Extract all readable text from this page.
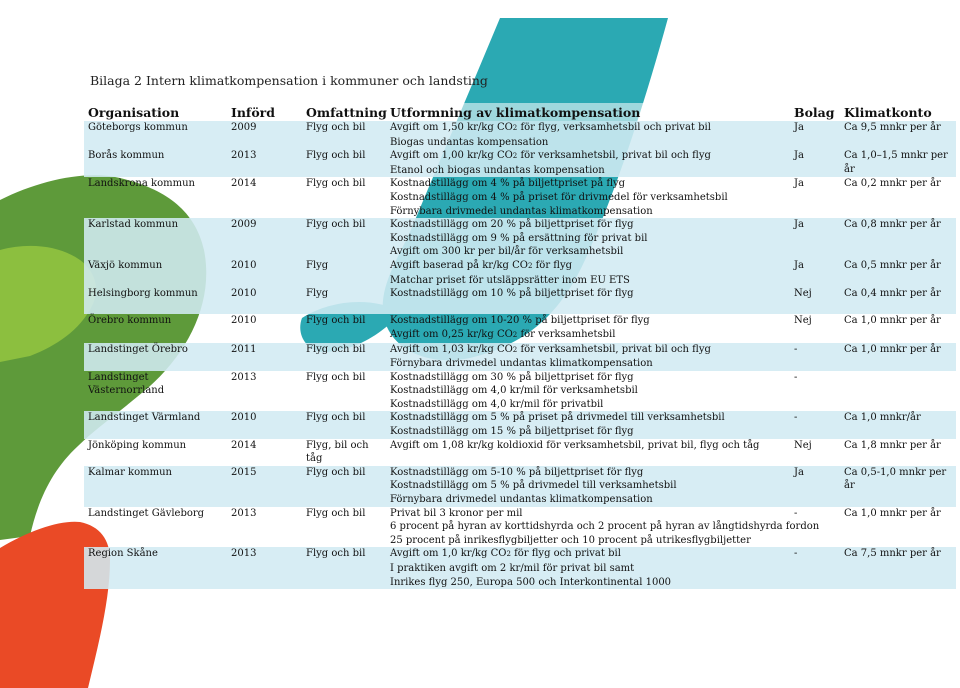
Bilaga 2 Intern klimatkompensation i kommuner och landsting
Organisation	Införd	Omfattning	Utformning av klimatkompensation	Bolag	Klimatkonto
Göteborgs kommun	2009	Flyg och bil	Avgift om 1,50 kr/kg CO2 för flyg, verksamhetsbil och privat bil
Biogas undantas kompensation	Ja	Ca 9,5 mnkr per år
Borås kommun	2013	Flyg och bil	Avgift om 1,00 kr/kg CO2 för verksamhetsbil, privat bil och flyg
Etanol och biogas undantas kompensation	Ja	Ca 1,0–1,5 mnkr per år
Landskrona kommun	2014	Flyg och bil	Kostnadstillägg om 4 % på biljettpriset på flyg
Kostnadstillägg om 4 % på priset för drivmedel för verksamhetsbil
Förnybara drivmedel undantas klimatkompensation	Ja	Ca 0,2 mnkr per år
Karlstad kommun	2009	Flyg och bil	Kostnadstillägg om 20 % på biljettpriset för flyg
Kostnadstillägg om 9 % på ersättning för privat bil
Avgift om 300 kr per bil/år för verksamhetsbil	Ja	Ca 0,8 mnkr per år
Växjö kommun	2010	Flyg	Avgift baserad på kr/kg CO2 för flyg
Matchar priset för utsläppsrätter inom EU ETS	Ja	Ca 0,5 mnkr per år
Helsingborg kommun	2010	Flyg	Kostnadstillägg om 10 % på biljettpriset för flyg	Nej	Ca 0,4 mnkr per år
Örebro kommun	2010	Flyg och bil	Kostnadstillägg om 10-20 % på biljettpriset för flyg
Avgift om 0,25 kr/kg CO2 för verksamhetsbil	Nej	Ca 1,0 mnkr per år
Landstinget Örebro	2011	Flyg och bil	Avgift om 1,03 kr/kg CO2 för verksamhetsbil, privat bil och flyg
Förnybara drivmedel undantas klimatkompensation	-	Ca 1,0 mnkr per år
Landstinget Västernorrland	2013	Flyg och bil	Kostnadstillägg om 30 % på biljettpriset för flyg
Kostnadstillägg om 4,0 kr/mil för verksamhetsbil
Kostnadstillägg om 4,0 kr/mil för privatbil	-	
Landstinget Värmland	2010	Flyg och bil	Kostnadstillägg om 5 % på priset på drivmedel till verksamhetsbil
Kostnadstillägg om 15 % på biljettpriset för flyg	-	Ca 1,0 mnkr/år
Jönköping kommun	2014	Flyg, bil och tåg	Avgift om 1,08 kr/kg koldioxid för verksamhetsbil, privat bil, flyg och tåg	Nej	Ca 1,8 mnkr per år
Kalmar kommun	2015	Flyg och bil	Kostnadstillägg om 5-10 % på biljettpriset för flyg
Kostnadstillägg om 5 % på drivmedel till verksamhetsbil
Förnybara drivmedel undantas klimatkompensation	Ja	Ca 0,5-1,0 mnkr per år
Landstinget Gävleborg	2013	Flyg och bil	Privat bil 3 kronor per mil
6 procent på hyran av korttidshyrda och 2 procent på hyran av långtidshyrda fordon
25 procent på inrikesflygbiljetter och 10 procent på utrikesflygbiljetter	-	Ca 1,0 mnkr per år
Region Skåne	2013	Flyg och bil	Avgift om 1,0 kr/kg CO2 för flyg och privat bil
I praktiken avgift om 2 kr/mil för privat bil samt
Inrikes flyg 250, Europa 500 och Interkontinental 1000	-	Ca 7,5 mnkr per år
